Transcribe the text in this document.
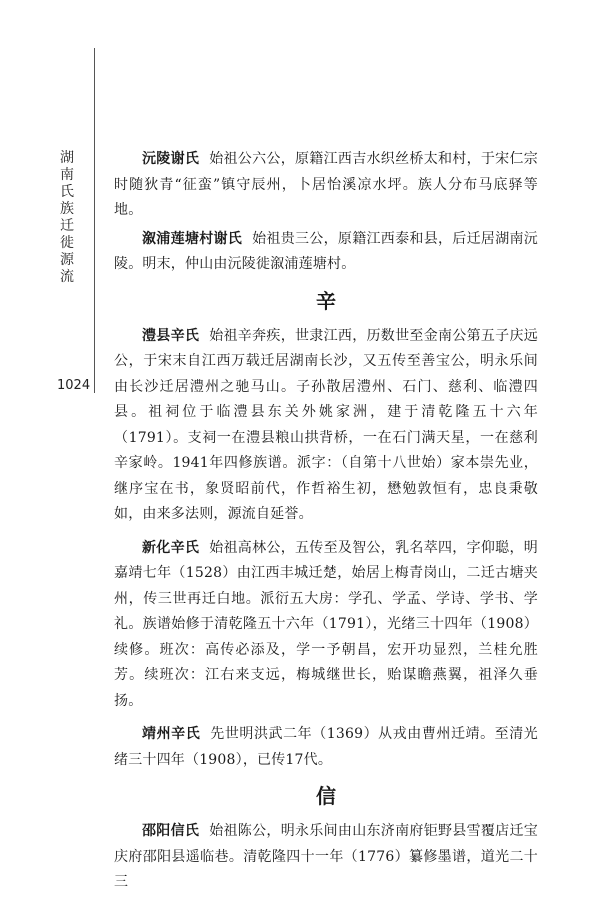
湖
南
氏
族
迁
徙
源
流
1024

沅陵谢氏 始祖公六公，原籍江西吉水织丝桥太和村，于宋仁宗时随狄青“征蛮”镇守辰州，卜居怡溪凉水坪。族人分布马底驿等地。

溆浦莲塘村谢氏 始祖贵三公，原籍江西泰和县，后迁居湖南沅陵。明末，仲山由沅陵徙溆浦莲塘村。

辛

澧县辛氏 始祖辛奔疾，世隶江西，历数世至金南公第五子庆远公，于宋末自江西万载迁居湖南长沙，又五传至善宝公，明永乐间由长沙迁居澧州之驰马山。子孙散居澧州、石门、慈利、临澧四县。祖祠位于临澧县东关外姚家洲，建于清乾隆五十六年（1791）。支祠一在澧县粮山拱背桥，一在石门满天星，一在慈利辛家岭。1941年四修族谱。派字：（自第十八世始）家本崇先业，继序宝在书，象贤昭前代，作哲裕生初，懋勉敦恒有，忠良秉敬如，由来多法则，源流自延誉。

新化辛氏 始祖高林公，五传至及智公，乳名萃四，字仰聪，明嘉靖七年（1528）由江西丰城迁楚，始居上梅青岗山，二迁古塘夹州，传三世再迁白地。派衍五大房：学孔、学孟、学诗、学书、学礼。族谱始修于清乾隆五十六年（1791），光绪三十四年（1908）续修。班次：高传必添及，学一予朝昌，宏开功显烈，兰桂允胜芳。续班次：江右来支远，梅城继世长，贻谋瞻燕翼，祖泽久垂扬。

靖州辛氏 先世明洪武二年（1369）从戎由曹州迁靖。至清光绪三十四年（1908），已传17代。

信

邵阳信氏 始祖陈公，明永乐间由山东济南府钜野县雪覆店迁宝庆府邵阳县遥临巷。清乾隆四十一年（1776）纂修墨谱，道光二十三
